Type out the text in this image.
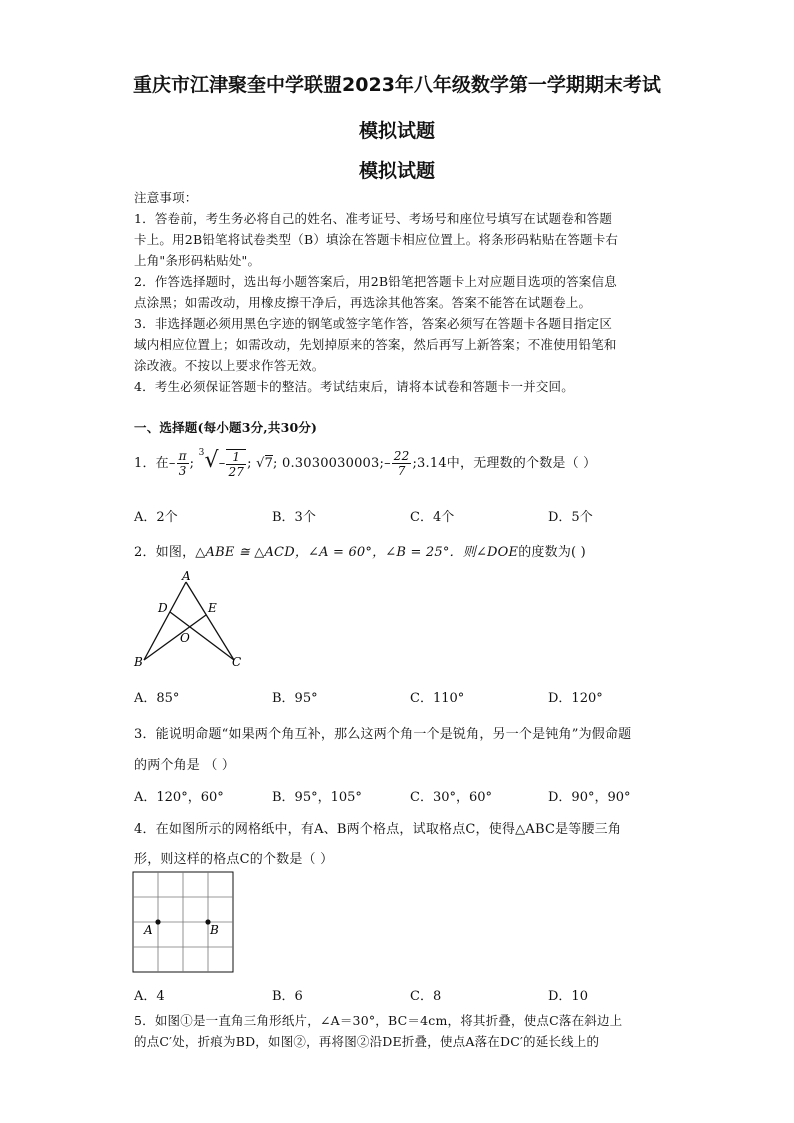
重庆市江津聚奎中学联盟2023年八年级数学第一学期期末考试
模拟试题
模拟试题
注意事项：
1．答卷前，考生务必将自己的姓名、准考证号、考场号和座位号填写在试题卷和答题
卡上。用2B铅笔将试卷类型（B）填涂在答题卡相应位置上。将条形码粘贴在答题卡右
上角"条形码粘贴处"。
2．作答选择题时，选出每小题答案后，用2B铅笔把答题卡上对应题目选项的答案信息
点涂黑；如需改动，用橡皮擦干净后，再选涂其他答案。答案不能答在试题卷上。
3．非选择题必须用黑色字迹的钢笔或签字笔作答，答案必须写在答题卡各题目指定区
域内相应位置上；如需改动，先划掉原来的答案，然后再写上新答案；不准使用铅笔和
涂改液。不按以上要求作答无效。
4．考生必须保证答题卡的整洁。考试结束后，请将本试卷和答题卡一并交回。
一、选择题(每小题3分,共30分)
1．在– $\frac{\pi}{3}$ ; $^3√- \frac{1}{27}$ ; √7; 0.3030030003;– $\frac{22}{7}$ ;3.14中，无理数的个数是（ ）
A．2个	B．3个	C．4个	D．5个
2．如图，△ABE ≅ △ACD，∠A = 60°，∠B = 25°．则∠DOE的度数为( )
A
D	E
O
B	C
A．85°	B．95°	C．110°	D．120°
3．能说明命题“如果两个角互补，那么这两个角一个是锐角，另一个是钝角”为假命题
的两个角是 （ ）
A．120°，60°	B．95°，105°	C．30°，60°	D．90°，90°
4．在如图所示的网格纸中，有A、B两个格点，试取格点C，使得△ABC是等腰三角
形，则这样的格点C的个数是（ ）
A	B
A．4	B．6	C．8	D．10
5．如图①是一直角三角形纸片，∠A＝30°，BC＝4cm，将其折叠，使点C落在斜边上
的点C′处，折痕为BD，如图②，再将图②沿DE折叠，使点A落在DC′的延长线上的
